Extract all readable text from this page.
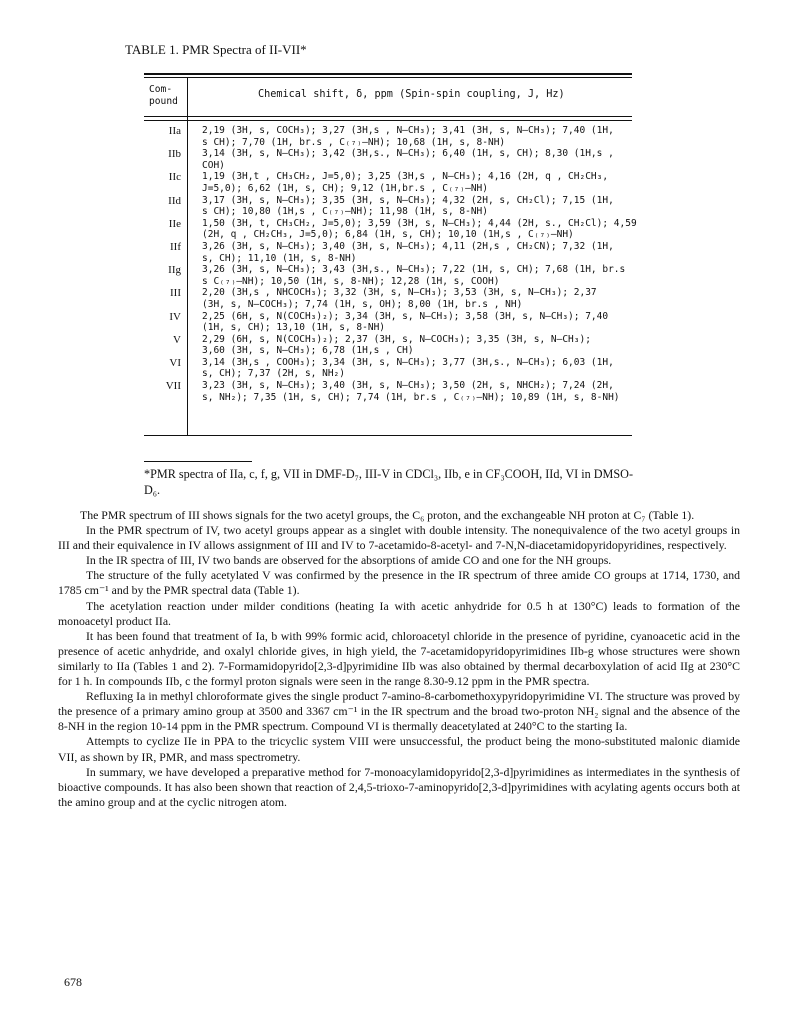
TABLE 1. PMR Spectra of II-VII*
Com-
pound
Chemical shift, δ, ppm (Spin-spin coupling, J, Hz)
IIa 2,19 (3H, s, COCH₃); 3,27 (3H,s , N—CH₃); 3,41 (3H, s, N—CH₃); 7,40 (1H,
s CH); 7,70 (1H, br.s , C₍₇₎—NH); 10,68 (1H, s, 8-NH)
IIb 3,14 (3H, s, N—CH₃); 3,42 (3H,s., N—CH₃); 6,40 (1H, s, CH); 8,30 (1H,s ,
COH)
IIc 1,19 (3H,t , CH₃CH₂, J=5,0); 3,25 (3H,s , N—CH₃); 4,16 (2H, q , CH₂CH₃,
J=5,0); 6,62 (1H, s, CH); 9,12 (1H,br.s , C₍₇₎—NH)
IId 3,17 (3H, s, N—CH₃); 3,35 (3H, s, N—CH₃); 4,32 (2H, s, CH₂Cl); 7,15 (1H,
s CH); 10,80 (1H,s , C₍₇₎—NH); 11,98 (1H, s, 8-NH)
IIe 1,50 (3H, t, CH₃CH₂, J=5,0); 3,59 (3H, s, N—CH₃); 4,44 (2H, s., CH₂Cl); 4,59
(2H, q , CH₂CH₃, J=5,0); 6,84 (1H, s, CH); 10,10 (1H,s , C₍₇₎—NH)
IIf 3,26 (3H, s, N—CH₃); 3,40 (3H, s, N—CH₃); 4,11 (2H,s , CH₂CN); 7,32 (1H,
s, CH); 11,10 (1H, s, 8-NH)
IIg 3,26 (3H, s, N—CH₃); 3,43 (3H,s., N—CH₃); 7,22 (1H, s, CH); 7,68 (1H, br.s
s C₍₇₎—NH); 10,50 (1H, s, 8-NH); 12,28 (1H, s, COOH)
III 2,20 (3H,s , NHCOCH₃); 3,32 (3H, s, N—CH₃); 3,53 (3H, s, N—CH₃); 2,37
(3H, s, N—COCH₃); 7,74 (1H, s, OH); 8,00 (1H, br.s , NH)
IV 2,25 (6H, s, N(COCH₃)₂); 3,34 (3H, s, N—CH₃); 3,58 (3H, s, N—CH₃); 7,40
(1H, s, CH); 13,10 (1H, s, 8-NH)
V 2,29 (6H, s, N(COCH₃)₂); 2,37 (3H, s, N—COCH₃); 3,35 (3H, s, N—CH₃);
3,60 (3H, s, N—CH₃); 6,78 (1H,s , CH)
VI 3,14 (3H,s , COOH₃); 3,34 (3H, s, N—CH₃); 3,77 (3H,s., N—CH₃); 6,03 (1H,
s, CH); 7,37 (2H, s, NH₂)
VII 3,23 (3H, s, N—CH₃); 3,40 (3H, s, N—CH₃); 3,50 (2H, s, NHCH₂); 7,24 (2H,
s, NH₂); 7,35 (1H, s, CH); 7,74 (1H, br.s , C₍₇₎—NH); 10,89 (1H, s, 8-NH)
*PMR spectra of IIa, c, f, g, VII in DMF-D₇, III-V in CDCl₃, IIb, e in CF₃COOH, IId, VI in DMSO-D₆.

The PMR spectrum of III shows signals for the two acetyl groups, the C₆ proton, and the exchangeable NH proton at C₇ (Table 1).

In the PMR spectrum of IV, two acetyl groups appear as a singlet with double intensity. The nonequivalence of the two acetyl groups in III and their equivalence in IV allows assignment of III and IV to 7-acetamido-8-acetyl- and 7-N,N-diacetamidopyridopyridines, respectively.

In the IR spectra of III, IV two bands are observed for the absorptions of amide CO and one for the NH groups.

The structure of the fully acetylated V was confirmed by the presence in the IR spectrum of three amide CO groups at 1714, 1730, and 1785 cm⁻¹ and by the PMR spectral data (Table 1).

The acetylation reaction under milder conditions (heating Ia with acetic anhydride for 0.5 h at 130°C) leads to formation of the monoacetyl product IIa.

It has been found that treatment of Ia, b with 99% formic acid, chloroacetyl chloride in the presence of pyridine, cyanoacetic acid in the presence of acetic anhydride, and oxalyl chloride gives, in high yield, the 7-acetamidopyridopyrimidines IIb-g whose structures were shown similarly to IIa (Tables 1 and 2). 7-Formamidopyrido[2,3-d]pyrimidine IIb was also obtained by thermal decarboxylation of acid IIg at 230°C for 1 h. In compounds IIb, c the formyl proton signals were seen in the range 8.30-9.12 ppm in the PMR spectra.

Refluxing Ia in methyl chloroformate gives the single product 7-amino-8-carbomethoxypyridopyrimidine VI. The structure was proved by the presence of a primary amino group at 3500 and 3367 cm⁻¹ in the IR spectrum and the broad two-proton NH₂ signal and the absence of the 8-NH in the region 10-14 ppm in the PMR spectrum. Compound VI is thermally deacetylated at 240°C to the starting Ia.

Attempts to cyclize IIe in PPA to the tricyclic system VIII were unsuccessful, the product being the mono-substituted malonic diamide VII, as shown by IR, PMR, and mass spectrometry.

In summary, we have developed a preparative method for 7-monoacylamidopyrido[2,3-d]pyrimidines as intermediates in the synthesis of bioactive compounds. It has also been shown that reaction of 2,4,5-trioxo-7-aminopyrido[2,3-d]pyrimidines with acylating agents occurs both at the amino group and at the cyclic nitrogen atom.

678
